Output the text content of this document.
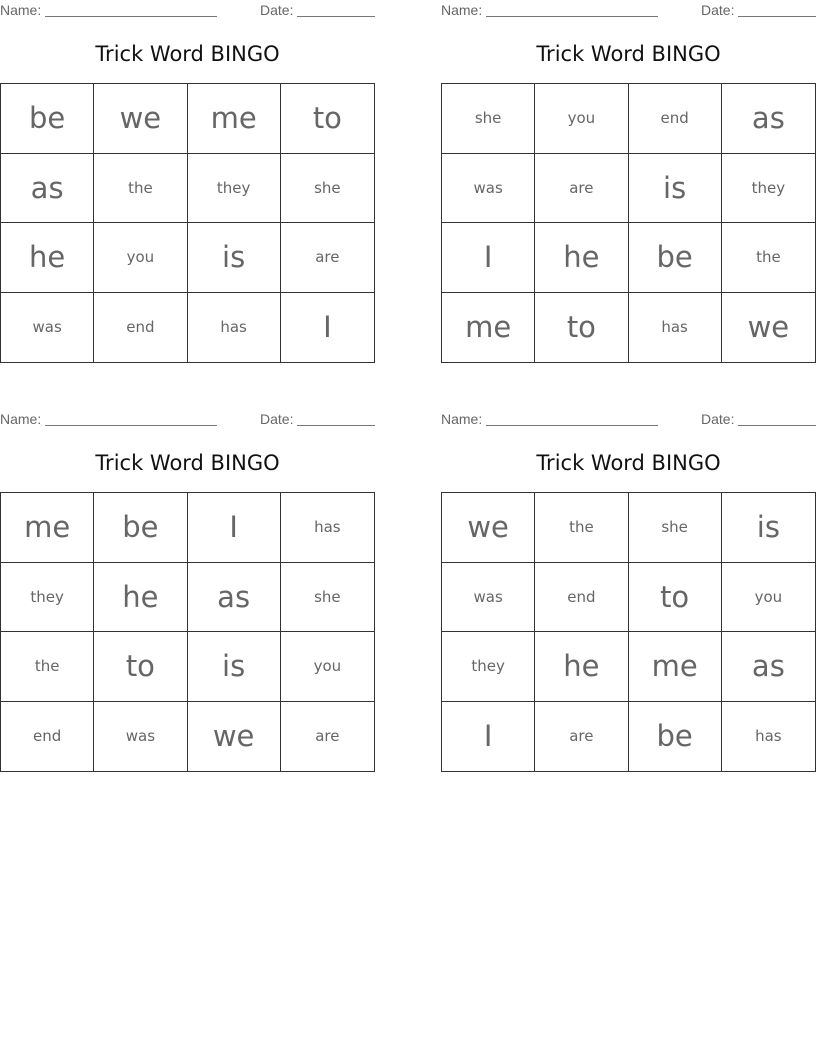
Name:	Date:
Trick Word BINGO
be	we	me	to
as	the	they	she
he	you	is	are
was	end	has	I
Name:	Date:
Trick Word BINGO
she	you	end	as
was	are	is	they
I	he	be	the
me	to	has	we
Name:	Date:
Trick Word BINGO
me	be	I	has
they	he	as	she
the	to	is	you
end	was	we	are
Name:	Date:
Trick Word BINGO
we	the	she	is
was	end	to	you
they	he	me	as
I	are	be	has
